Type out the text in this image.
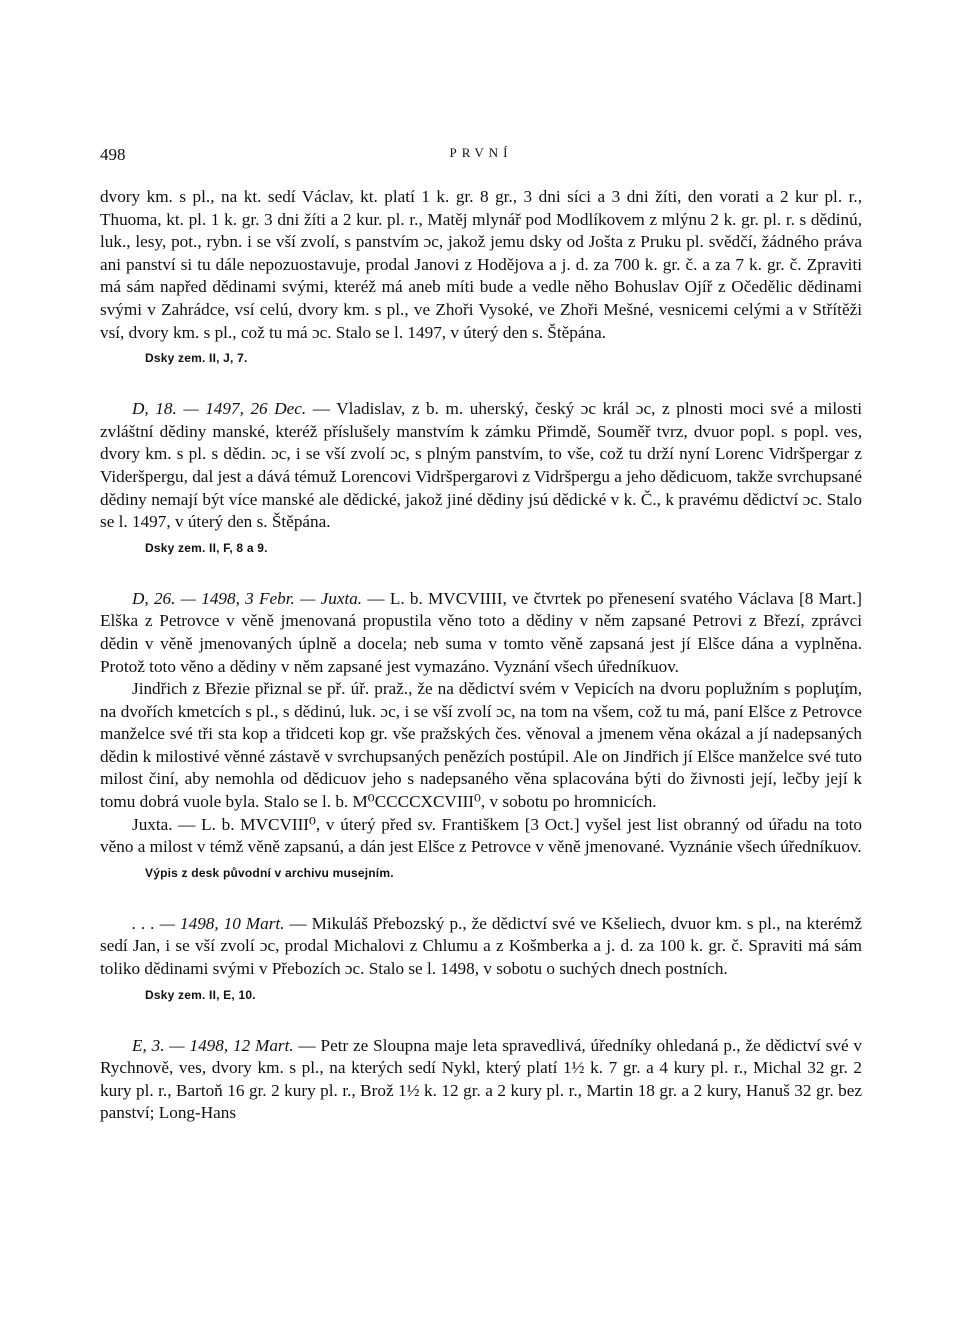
498	PRVNÍ

dvory km. s pl., na kt. sedí Václav, kt. platí 1 k. gr. 8 gr., 3 dni síci a 3 dni žíti, den vorati a 2 kur pl. r., Thuoma, kt. pl. 1 k. gr. 3 dni žíti a 2 kur. pl. r., Matěj mlynář pod Modlíkovem z mlýnu 2 k. gr. pl. r. s dědinú, luk., lesy, pot., rybn. i se vší zvolí, s panstvím ɔc, jakož jemu dsky od Jošta z Pruku pl. svědčí, žádného práva ani panství si tu dále nepozuostavuje, prodal Janovi z Hodějova a j. d. za 700 k. gr. č. a za 7 k. gr. č. Zpraviti má sám napřed dědinami svými, kteréž má aneb míti bude a vedle něho Bohuslav Ojíř z Očedělic dědinami svými v Zahrádce, vsí celú, dvory km. s pl., ve Zhoři Vysoké, ve Zhoři Mešné, vesnicemi celými a v Střítěži vsí, dvory km. s pl., což tu má ɔc. Stalo se l. 1497, v úterý den s. Štěpána.

Dsky zem. II, J, 7.

D, 18. — 1497, 26 Dec. — Vladislav, z b. m. uherský, český ɔc král ɔc, z plnosti moci své a milosti zvláštní dědiny manské, kteréž příslušely manstvím k zámku Přimdě, Souměř tvrz, dvuor popl. s popl. ves, dvory km. s pl. s dědin. ɔc, i se vší zvolí ɔc, s plným panstvím, to vše, což tu drží nyní Lorenc Vidršpergar z Videršpergu, dal jest a dává témuž Lorencovi Vidršpergarovi z Vidršpergu a jeho dědicuom, takže svrchupsané dědiny nemají být více manské ale dědické, jakož jiné dědiny jsú dědické v k. Č., k pravému dědictví ɔc. Stalo se l. 1497, v úterý den s. Štěpána.

Dsky zem. II, F, 8 a 9.

D, 26. — 1498, 3 Febr. — Juxta. — L. b. MVCVIIII, ve čtvrtek po přenesení svatého Václava [8 Mart.] Elška z Petrovce v věně jmenovaná propustila věno toto a dědiny v něm zapsané Petrovi z Březí, zprávci dědin v věně jmenovaných úplně a docela; neb suma v tomto věně zapsaná jest jí Elšce dána a vyplněna. Protož toto věno a dědiny v něm zapsané jest vymazáno. Vyznání všech úředníkuov.

Jindřich z Březie přiznal se př. úř. praž., že na dědictví svém v Vepicích na dvoru poplužním s popluţím, na dvořích kmetcích s pl., s dědinú, luk. ɔc, i se vší zvolí ɔc, na tom na všem, což tu má, paní Elšce z Petrovce manželce své tři sta kop a třidceti kop gr. vše pražských čes. věnoval a jmenem věna okázal a jí nadepsaných dědin k milostivé věnné zástavě v svrchupsaných penězích postúpil. Ale on Jindřich jí Elšce manželce své tuto milost činí, aby nemohla od dědicuov jeho s nadepsaného věna splacována býti do živnosti její, lečby její k tomu dobrá vuole byla. Stalo se l. b. M⁰CCCCXCVIII⁰, v sobotu po hromnicích.

Juxta. — L. b. MVCVIII⁰, v úterý před sv. Františkem [3 Oct.] vyšel jest list obranný od úřadu na toto věno a milost v témž věně zapsanú, a dán jest Elšce z Petrovce v věně jmenované. Vyznánie všech úředníkuov.

Výpis z desk původní v archivu musejním.

. . . — 1498, 10 Mart. — Mikuláš Přebozský p., že dědictví své ve Kšeliech, dvuor km. s pl., na kterémž sedí Jan, i se vší zvolí ɔc, prodal Michalovi z Chlumu a z Košmberka a j. d. za 100 k. gr. č. Spraviti má sám toliko dědinami svými v Přebozích ɔc. Stalo se l. 1498, v sobotu o suchých dnech postních.

Dsky zem. II, E, 10.

E, 3. — 1498, 12 Mart. — Petr ze Sloupna maje leta spravedlivá, úředníky ohledaná p., že dědictví své v Rychnově, ves, dvory km. s pl., na kterých sedí Nykl, který platí 1½ k. 7 gr. a 4 kury pl. r., Michal 32 gr. 2 kury pl. r., Bartoň 16 gr. 2 kury pl. r., Brož 1½ k. 12 gr. a 2 kury pl. r., Martin 18 gr. a 2 kury, Hanuš 32 gr. bez panství; Long-Hans
